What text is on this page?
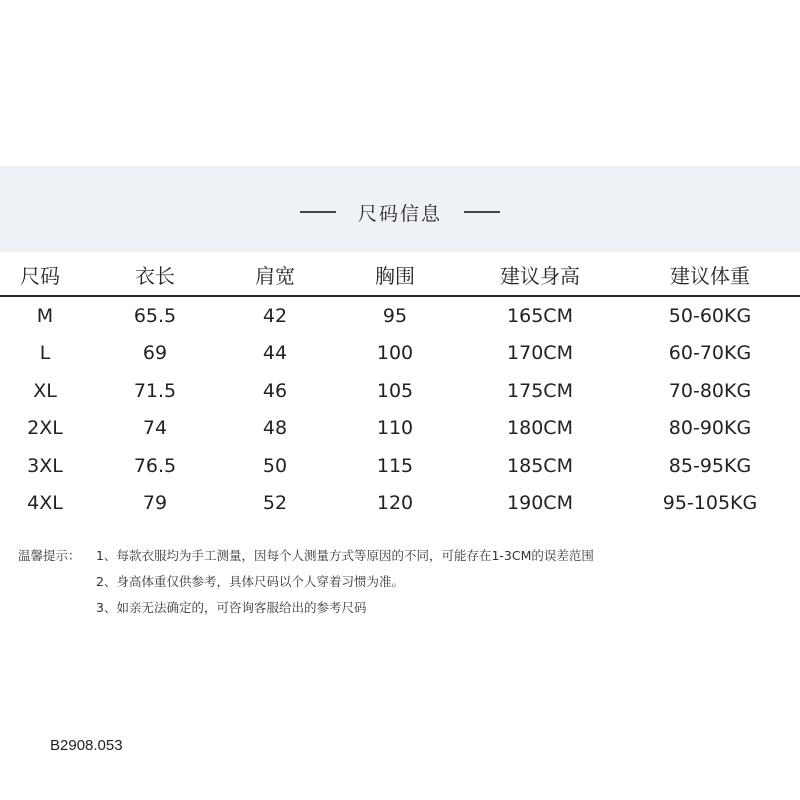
尺码信息
尺码	衣长	肩宽	胸围	建议身高	建议体重

M	65.5	42	95	165CM	50-60KG
L	69	44	100	170CM	60-70KG
XL	71.5	46	105	175CM	70-80KG
2XL	74	48	110	180CM	80-90KG
3XL	76.5	50	115	185CM	85-95KG
4XL	79	52	120	190CM	95-105KG
温馨提示：	1、每款衣服均为手工测量，因每个人测量方式等原因的不同，可能存在1-3CM的误差范围
2、身高体重仅供参考，具体尺码以个人穿着习惯为准。
3、如亲无法确定的，可咨询客服给出的参考尺码
B2908.053
